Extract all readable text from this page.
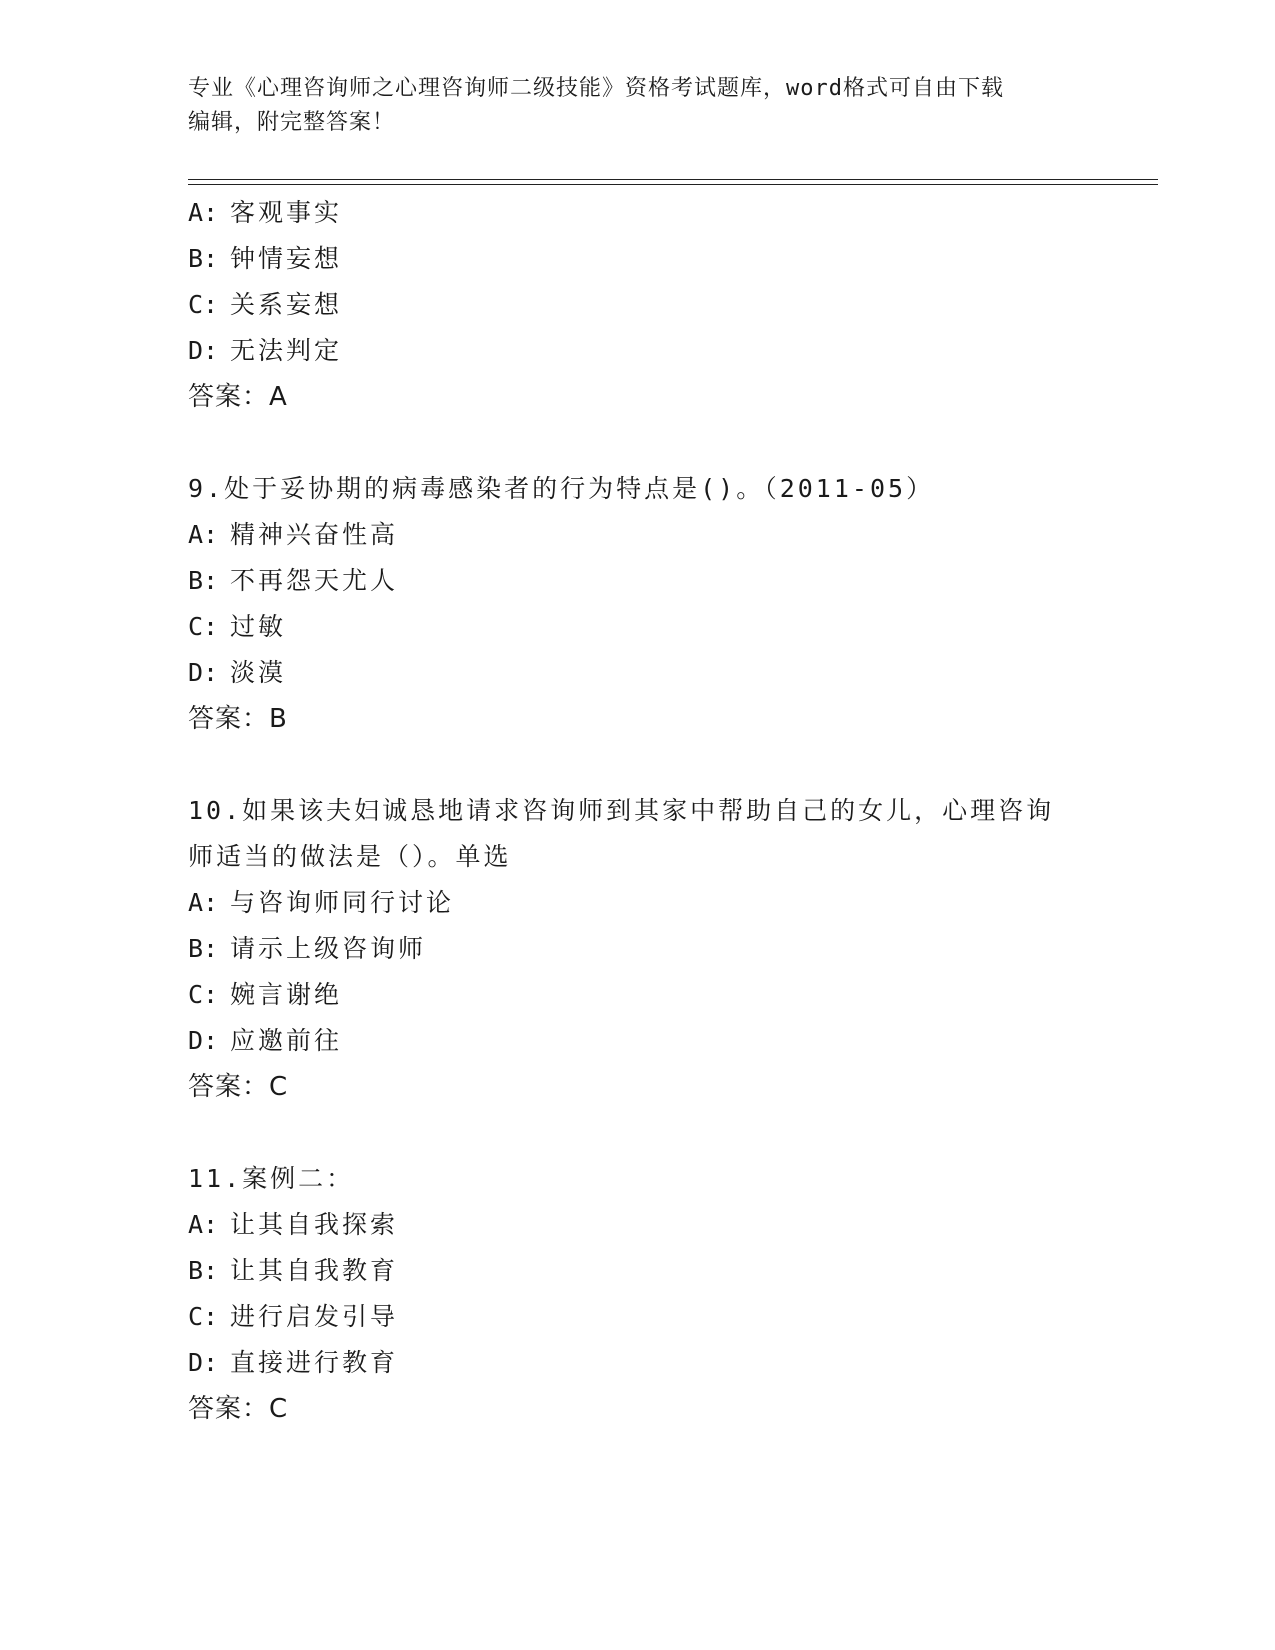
专业《心理咨询师之心理咨询师二级技能》资格考试题库，word格式可自由下载
编辑，附完整答案！
A: 客观事实
B: 钟情妄想
C: 关系妄想
D: 无法判定
答案：A
9.处于妥协期的病毒感染者的行为特点是()。（2011-05）
A: 精神兴奋性高
B: 不再怨天尤人
C: 过敏
D: 淡漠
答案：B
10.如果该夫妇诚恳地请求咨询师到其家中帮助自己的女儿，心理咨询
师适当的做法是（）。单选
A: 与咨询师同行讨论
B: 请示上级咨询师
C: 婉言谢绝
D: 应邀前往
答案：C
11.案例二：
A: 让其自我探索
B: 让其自我教育
C: 进行启发引导
D: 直接进行教育
答案：C
